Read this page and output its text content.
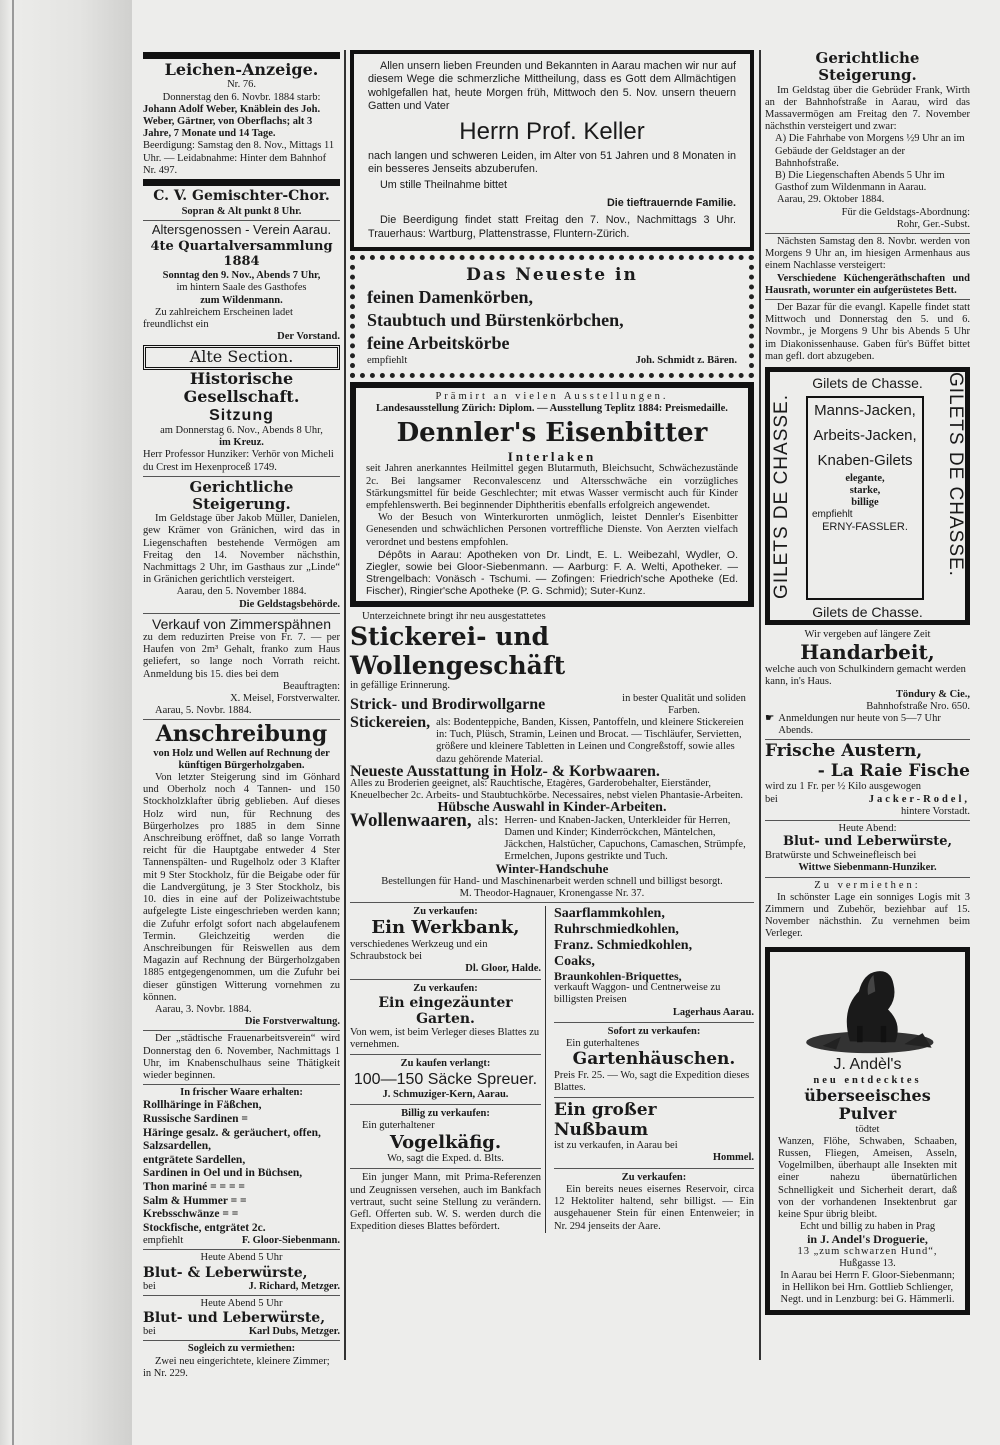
Leichen-Anzeige.
Nr. 76.
Donnerstag den 6. Novbr. 1884 starb:
Johann Adolf Weber, Knäblein des Joh. Weber, Gärtner, von Oberflachs; alt 3 Jahre, 7 Monate und 14 Tage.
Beerdigung: Samstag den 8. Nov., Mittags 11 Uhr. — Leidabnahme: Hinter dem Bahnhof Nr. 497.
C. V. Gemischter-Chor.
Sopran & Alt punkt 8 Uhr.
Altersgenossen - Verein Aarau.
4te Quartalversammlung 1884
Sonntag den 9. Nov., Abends 7 Uhr,
im hintern Saale des Gasthofes
zum Wildenmann.
Zu zahlreichem Erscheinen ladet freundlichst ein
Der Vorstand.
Alte Section.
Historische Gesellschaft.
Sitzung
am Donnerstag 6. Nov., Abends 8 Uhr,
im Kreuz.
Herr Professor Hunziker: Verhör von Micheli du Crest im Hexenproceß 1749.
Gerichtliche Steigerung.
Im Geldstage über Jakob Müller, Danielen, gew Krämer von Gränichen, wird das in Liegenschaften bestehende Vermögen am Freitag den 14. November nächsthin, Nachmittags 2 Uhr, im Gasthaus zur „Linde“ in Gränichen gerichtlich versteigert.
Aarau, den 5. November 1884.
Die Geldstagsbehörde.
Verkauf von Zimmerspähnen
zu dem reduzirten Preise von Fr. 7. — per Haufen von 2m³ Gehalt, franko zum Haus geliefert, so lange noch Vorrath reicht. Anmeldung bis 15. dies bei dem
Beauftragten:
X. Meisel, Forstverwalter.
Aarau, 5. Novbr. 1884.
Anschreibung
von Holz und Wellen auf Rechnung der künftigen Bürgerholzgaben.
Von letzter Steigerung sind im Gönhard und Oberholz noch 4 Tannen- und 150 Stockholzklafter übrig geblieben. Auf dieses Holz wird nun, für Rechnung des Bürgerholzes pro 1885 in dem Sinne Anschreibung eröffnet, daß so lange Vorrath reicht für die Hauptgabe entweder 4 Ster Tannenspälten- und Rugelholz oder 3 Klafter mit 9 Ster Stockholz, für die Beigabe oder für die Landvergütung, je 3 Ster Stockholz, bis 10. dies in eine auf der Polizeiwachtstube aufgelegte Liste eingeschrieben werden kann; die Zufuhr erfolgt sofort nach abgelaufenem Termin. Gleichzeitig werden die Anschreibungen für Reiswellen aus dem Magazin auf Rechnung der Bürgerholzgaben 1885 entgegengenommen, um die Zufuhr bei dieser günstigen Witterung vornehmen zu können.
Aarau, 3. Novbr. 1884.
Die Forstverwaltung.
Der „städtische Frauenarbeitsverein“ wird Donnerstag den 6. November, Nachmittags 1 Uhr, im Knabenschulhaus seine Thätigkeit wieder beginnen.
In frischer Waare erhalten:
Rollhäringe in Fäßchen,
Russische Sardinen =
Häringe gesalz. & geräuchert, offen,
Salzsardellen,
entgrätete Sardellen,
Sardinen in Oel und in Büchsen,
Thon mariné = = = =
Salm & Hummer = =
Krebsschwänze = =
Stockfische, entgrätet 2c.
empfiehlt	F. Gloor-Siebenmann.
Heute Abend 5 Uhr
Blut- & Leberwürste,
bei	J. Richard, Metzger.
Heute Abend 5 Uhr
Blut- und Leberwürste,
bei	Karl Dubs, Metzger.
Sogleich zu vermiethen:
Zwei neu eingerichtete, kleinere Zimmer; in Nr. 229.
Allen unsern lieben Freunden und Bekannten in Aarau machen wir nur auf diesem Wege die schmerzliche Mittheilung, dass es Gott dem Allmächtigen wohlgefallen hat, heute Morgen früh, Mittwoch den 5. Nov. unsern theuern Gatten und Vater
Herrn Prof. Keller
nach langen und schweren Leiden, im Alter von 51 Jahren und 8 Monaten in ein besseres Jenseits abzuberufen.
Um stille Theilnahme bittet
Die tieftrauernde Familie.
Die Beerdigung findet statt Freitag den 7. Nov., Nachmittags 3 Uhr. Trauerhaus: Wartburg, Plattenstrasse, Fluntern-Zürich.
Das Neueste in
feinen Damenkörben,
Staubtuch und Bürstenkörbchen,
feine Arbeitskörbe
empfiehlt	Joh. Schmidt z. Bären.
Prämirt an vielen Ausstellungen.
Landesausstellung Zürich: Diplom. — Ausstellung Teplitz 1884: Preismedaille.
Dennler's Eisenbitter
Interlaken
seit Jahren anerkanntes Heilmittel gegen Blutarmuth, Bleichsucht, Schwächezustände 2c. Bei langsamer Reconvalescenz und Altersschwäche ein vorzügliches Stärkungsmittel für beide Geschlechter; mit etwas Wasser vermischt auch für Kinder empfehlenswerth. Bei beginnender Diphtheritis ebenfalls erfolgreich angewendet.
Wo der Besuch von Winterkurorten unmöglich, leistet Dennler's Eisenbitter Genesenden und schwächlichen Personen vortreffliche Dienste. Von Aerzten vielfach verordnet und bestens empfohlen.
Dépôts in Aarau: Apotheken von Dr. Lindt, E. L. Weibezahl, Wydler, O. Ziegler, sowie bei Gloor-Siebenmann. — Aarburg: F. A. Welti, Apotheker. — Strengelbach: Vonäsch - Tschumi. — Zofingen: Friedrich'sche Apotheke (Ed. Fischer), Ringier'sche Apotheke (P. G. Schmid); Suter-Kunz.
Unterzeichnete bringt ihr neu ausgestattetes
Stickerei- und Wollengeschäft
in gefällige Erinnerung.
Strick- und Brodirwollgarne	in bester Qualität und soliden Farben.
Stickereien, als: Bodenteppiche, Banden, Kissen, Pantoffeln, und kleinere Stickereien in: Tuch, Plüsch, Stramin, Leinen und Brocat. — Tischläufer, Servietten, größere und kleinere Tabletten in Leinen und Congreßstoff, sowie alles dazu gehörende Material.
Neueste Ausstattung in Holz- & Korbwaaren.
Alles zu Broderien geeignet, als: Rauchtische, Etagères, Garderobehalter, Eierständer, Kneuelbecher 2c. Arbeits- und Staubtuchkörbe. Necessaires, nebst vielen Phantasie-Arbeiten.
Hübsche Auswahl in Kinder-Arbeiten.
Wollenwaaren, als: Herren- und Knaben-Jacken, Unterkleider für Herren, Damen und Kinder; Kinderröckchen, Mäntelchen, Jäckchen, Halstücher, Capuchons, Camaschen, Strümpfe, Ermelchen, Jupons gestrikte und Tuch.
Winter-Handschuhe
Bestellungen für Hand- und Maschinenarbeit werden schnell und billigst besorgt.
M. Theodor-Hagnauer, Kronengasse Nr. 37.
Zu verkaufen:
Ein Werkbank,
verschiedenes Werkzeug und ein Schraubstock bei
Dl. Gloor, Halde.
Zu verkaufen:
Ein eingezäunter Garten.
Von wem, ist beim Verleger dieses Blattes zu vernehmen.
Zu kaufen verlangt:
100—150 Säcke Spreuer.
J. Schmuziger-Kern, Aarau.
Billig zu verkaufen:
Ein guterhaltener
Vogelkäfig.
Wo, sagt die Exped. d. Blts.
Ein junger Mann, mit Prima-Referenzen und Zeugnissen versehen, auch im Bankfach vertraut, sucht seine Stellung zu verändern. Gefl. Offerten sub. W. S. werden durch die Expedition dieses Blattes befördert.
Saarflammkohlen,
Ruhrschmiedkohlen,
Franz. Schmiedkohlen,
Coaks,
Braunkohlen-Briquettes,
verkauft Waggon- und Centnerweise zu billigsten Preisen
Lagerhaus Aarau.
Sofort zu verkaufen:
Ein guterhaltenes
Gartenhäuschen.
Preis Fr. 25. — Wo, sagt die Expedition dieses Blattes.
Ein großer Nußbaum
ist zu verkaufen, in Aarau bei
Hommel.
Zu verkaufen:
Ein bereits neues eisernes Reservoir, circa 12 Hektoliter haltend, sehr billigst. — Ein ausgehauener Stein für einen Entenweier; in Nr. 294 jenseits der Aare.
Gerichtliche Steigerung.
Im Geldstag über die Gebrüder Frank, Wirth an der Bahnhofstraße in Aarau, wird das Massavermögen am Freitag den 7. November nächsthin versteigert und zwar:
A) Die Fahrhabe von Morgens ½9 Uhr an im Gebäude der Geldstager an der Bahnhofstraße.
B) Die Liegenschaften Abends 5 Uhr im Gasthof zum Wildenmann in Aarau.
Aarau, 29. Oktober 1884.
Für die Geldstags-Abordnung:
Rohr, Ger.-Subst.
Nächsten Samstag den 8. Novbr. werden von Morgens 9 Uhr an, im hiesigen Armenhaus aus einem Nachlasse versteigert:
Verschiedene Küchengeräthschaften und Hausrath, worunter ein aufgerüstetes Bett.
Der Bazar für die evangl. Kapelle findet statt Mittwoch und Donnerstag den 5. und 6. Novmbr., je Morgens 9 Uhr bis Abends 5 Uhr im Diakonissenhause. Gaben für's Büffet bittet man gefl. dort abzugeben.
Gilets de Chasse.
GILETS DE CHASSE.	GILETS DE CHASSE.
Manns-Jacken,
Arbeits-Jacken,
Knaben-Gilets
elegante,
starke,
billige
empfiehlt
ERNY-FASSLER.
Gilets de Chasse.
Wir vergeben auf längere Zeit
Handarbeit,
welche auch von Schulkindern gemacht werden kann, in's Haus.
Töndury & Cie.,
Bahnhofstraße Nro. 650.
☛ Anmeldungen nur heute von 5—7 Uhr Abends.
Frische Austern,
- La Raie Fische
wird zu 1 Fr. per ½ Kilo ausgewogen
bei	Jacker-Rodel,
hintere Vorstadt.
Heute Abend:
Blut- und Leberwürste,
Bratwürste und Schweinefleisch bei
Wittwe Siebenmann-Hunziker.
Zu vermiethen:
In schönster Lage ein sonniges Logis mit 3 Zimmern und Zubehör, beziehbar auf 15. November nächsthin. Zu vernehmen beim Verleger.
J. Andèl's
neu entdecktes
überseeisches Pulver
tödtet
Wanzen, Flöhe, Schwaben, Schaaben, Russen, Fliegen, Ameisen, Asseln, Vogelmilben, überhaupt alle Insekten mit einer nahezu übernatürlichen Schnelligkeit und Sicherheit derart, daß von der vorhandenen Insektenbrut gar keine Spur übrig bleibt.
Echt und billig zu haben in Prag
in J. Andel's Droguerie,
13 „zum schwarzen Hund“,
Hußgasse 13.
In Aarau bei Herrn F. Gloor-Siebenmann; in Hellikon bei Hrn. Gottlieb Schlienger, Negt. und in Lenzburg: bei G. Hämmerli.
